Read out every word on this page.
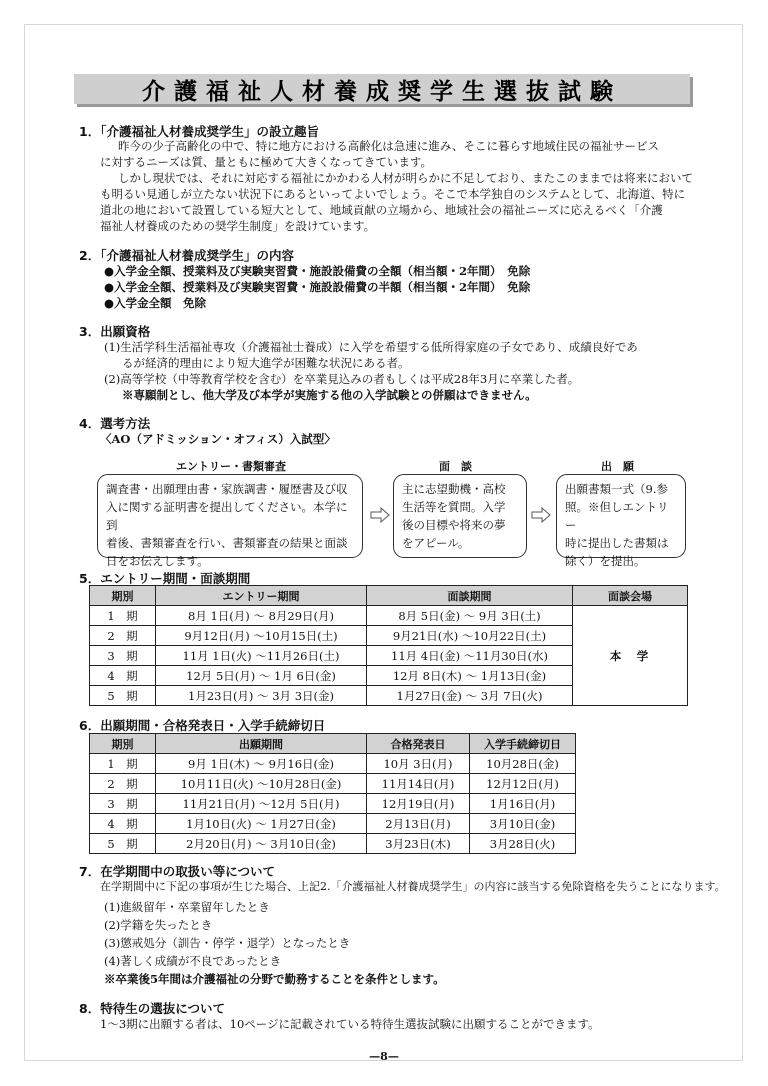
介護福祉人材養成奨学生選抜試験
1．「介護福祉人材養成奨学生」の設立趣旨
昨今の少子高齢化の中で、特に地方における高齢化は急速に進み、そこに暮らす地域住民の福祉サービス
に対するニーズは質、量ともに極めて大きくなってきています。
しかし現状では、それに対応する福祉にかかわる人材が明らかに不足しており、またこのままでは将来において
も明るい見通しが立たない状況下にあるといってよいでしょう。そこで本学独自のシステムとして、北海道、特に
道北の地において設置している短大として、地域貢献の立場から、地域社会の福祉ニーズに応えるべく「介護
福祉人材養成のための奨学生制度」を設けています。
2．「介護福祉人材養成奨学生」の内容
●入学金全額、授業料及び実験実習費・施設設備費の全額（相当額・2年間）　免除
●入学金全額、授業料及び実験実習費・施設設備費の半額（相当額・2年間）　免除
●入学金全額　免除
3．出願資格
(1)生活学科生活福祉専攻（介護福祉士養成）に入学を希望する低所得家庭の子女であり、成績良好であ
るが経済的理由により短大進学が困難な状況にある者。
(2)高等学校（中等教育学校を含む）を卒業見込みの者もしくは平成28年3月に卒業した者。
※専願制とし、他大学及び本学が実施する他の入学試験との併願はできません。
4．選考方法
〈AO（アドミッション・オフィス）入試型〉
エントリー・書類審査	面　談	出　願
調査書・出願理由書・家族調書・履歴書及び収
入に関する証明書を提出してください。本学に到
着後、書類審査を行い、書類審査の結果と面談
日をお伝えします。
主に志望動機・高校
生活等を質問。入学
後の目標や将来の夢
をアピール。
出願書類一式（9.参
照。※但しエントリー
時に提出した書類は
除く）を提出。
5．エントリー期間・面談期間
期別	エントリー期間	面談期間	面談会場
1　期	8月 1日(月) ～ 8月29日(月)	8月 5日(金) ～ 9月 3日(土)	本　学
2　期	9月12日(月) ～10月15日(土)	9月21日(水) ～10月22日(土)	
3　期	11月 1日(火) ～11月26日(土)	11月 4日(金) ～11月30日(水)	
4　期	12月 5日(月) ～ 1月 6日(金)	12月 8日(木) ～ 1月13日(金)	
5　期	1月23日(月) ～ 3月 3日(金)	1月27日(金) ～ 3月 7日(火)	
6．出願期間・合格発表日・入学手続締切日
期別	出願期間	合格発表日	入学手続締切日
1　期	9月 1日(木) ～ 9月16日(金)	10月 3日(月)	10月28日(金)
2　期	10月11日(火) ～10月28日(金)	11月14日(月)	12月12日(月)
3　期	11月21日(月) ～12月 5日(月)	12月19日(月)	1月16日(月)
4　期	1月10日(火) ～ 1月27日(金)	2月13日(月)	3月10日(金)
5　期	2月20日(月) ～ 3月10日(金)	3月23日(木)	3月28日(火)
7．在学期間中の取扱い等について
在学期間中に下記の事項が生じた場合、上記2.「介護福祉人材養成奨学生」の内容に該当する免除資格を失うことになります。
(1)進級留年・卒業留年したとき
(2)学籍を失ったとき
(3)懲戒処分（訓告・停学・退学）となったとき
(4)著しく成績が不良であったとき
※卒業後5年間は介護福祉の分野で勤務することを条件とします。
8．特待生の選抜について
1～3期に出願する者は、10ページに記載されている特待生選抜試験に出願することができます。
—8—
